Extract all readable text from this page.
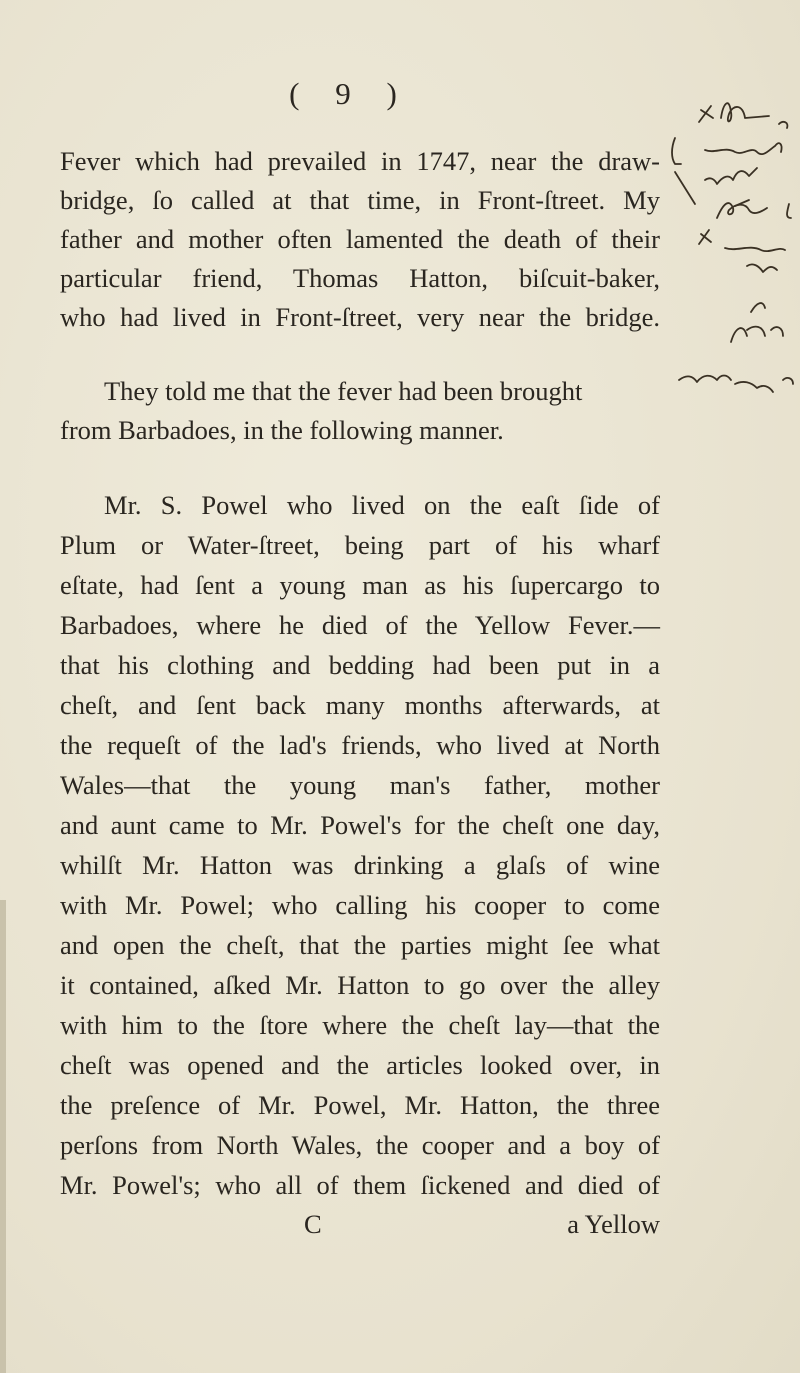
( 9 )
Fever which had prevailed in 1747, near the draw-
bridge, ſo called at that time, in Front-ſtreet. My
father and mother often lamented the death of their
particular friend, Thomas Hatton, biſcuit-baker,
who had lived in Front-ſtreet, very near the bridge.
They told me that the fever had been brought
from Barbadoes, in the following manner.
Mr. S. Powel who lived on the eaſt ſide of
Plum or Water-ſtreet, being part of his wharf
eſtate, had ſent a young man as his ſupercargo to
Barbadoes, where he died of the Yellow Fever.—
that his clothing and bedding had been put in a
cheſt, and ſent back many months afterwards, at
the requeſt of the lad's friends, who lived at North
Wales—that the young man's father, mother
and aunt came to Mr. Powel's for the cheſt one day,
whilſt Mr. Hatton was drinking a glaſs of wine
with Mr. Powel; who calling his cooper to come
and open the cheſt, that the parties might ſee what
it contained, aſked Mr. Hatton to go over the alley
with him to the ſtore where the cheſt lay—that the
cheſt was opened and the articles looked over, in
the preſence of Mr. Powel, Mr. Hatton, the three
perſons from North Wales, the cooper and a boy of
Mr. Powel's; who all of them ſickened and died of
C	a Yellow
